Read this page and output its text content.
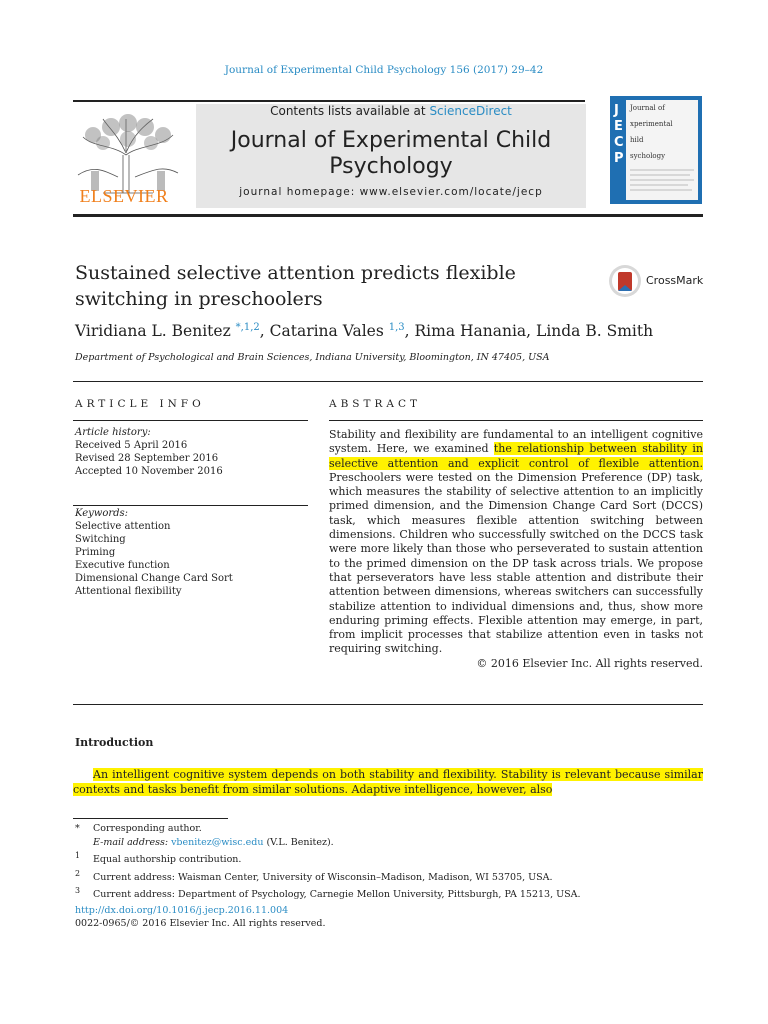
Journal of Experimental Child Psychology 156 (2017) 29–42
ELSEVIER
Contents lists available at ScienceDirect
Journal of Experimental Child
Psychology
journal homepage: www.elsevier.com/locate/jecp
J
E
C
P
Journal of
xperimental
hild
sychology
Sustained selective attention predicts flexible
switching in preschoolers
CrossMark
Viridiana L. Benitez $^{*,1,2}$, Catarina Vales $^{1,3}$, Rima Hanania, Linda B. Smith
Department of Psychological and Brain Sciences, Indiana University, Bloomington, IN 47405, USA
ARTICLE INFO	ABSTRACT
Article history:
Received 5 April 2016
Revised 28 September 2016
Accepted 10 November 2016
Keywords:
Selective attention
Switching
Priming
Executive function
Dimensional Change Card Sort
Attentional flexibility
Stability and flexibility are fundamental to an intelligent cognitive system. Here, we examined the relationship between stability in selective attention and explicit control of flexible attention. Preschoolers were tested on the Dimension Preference (DP) task, which measures the stability of selective attention to an implicitly primed dimension, and the Dimension Change Card Sort (DCCS) task, which measures flexible attention switching between dimensions. Children who successfully switched on the DCCS task were more likely than those who perseverated to sustain attention to the primed dimension on the DP task across trials. We propose that perseverators have less stable attention and distribute their attention between dimensions, whereas switchers can successfully stabilize attention to individual dimensions and, thus, show more enduring priming effects. Flexible attention may emerge, in part, from implicit processes that stabilize attention even in tasks not requiring switching.
© 2016 Elsevier Inc. All rights reserved.
Introduction
An intelligent cognitive system depends on both stability and flexibility. Stability is relevant because similar contexts and tasks benefit from similar solutions. Adaptive intelligence, however, also
* Corresponding author.
E-mail address: vbenitez@wisc.edu (V.L. Benitez).
$^1$ Equal authorship contribution.
$^2$ Current address: Waisman Center, University of Wisconsin–Madison, Madison, WI 53705, USA.
$^3$ Current address: Department of Psychology, Carnegie Mellon University, Pittsburgh, PA 15213, USA.
http://dx.doi.org/10.1016/j.jecp.2016.11.004
0022-0965/© 2016 Elsevier Inc. All rights reserved.
